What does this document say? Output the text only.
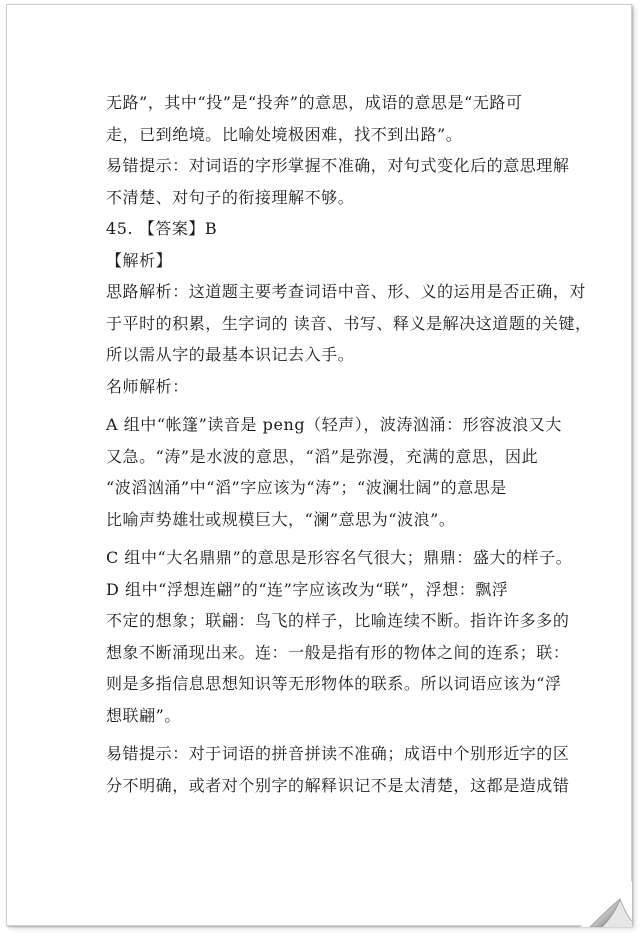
无路”，其中“投”是“投奔”的意思，成语的意思是“无路可
走，已到绝境。比喻处境极困难，找不到出路”。
易错提示：对词语的字形掌握不准确，对句式变化后的意思理解
不清楚、对句子的衔接理解不够。
45. 【答案】B
【解析】
思路解析：这道题主要考查词语中音、形、义的运用是否正确，对
于平时的积累，生字词的 读音、书写、释义是解决这道题的关键，
所以需从字的最基本识记去入手。
名师解析：
A 组中“帐篷”读音是 peng（轻声），波涛汹涌：形容波浪又大
又急。“涛”是水波的意思，“滔”是弥漫，充满的意思，因此
“波滔汹涌”中“滔”字应该为“涛”；“波澜壮阔”的意思是
比喻声势雄壮或规模巨大，“澜”意思为“波浪”。
C 组中“大名鼎鼎”的意思是形容名气很大；鼎鼎：盛大的样子。
D 组中“浮想连翩”的“连”字应该改为“联”，浮想：飘浮
不定的想象；联翩：鸟飞的样子，比喻连续不断。指许许多多的
想象不断涌现出来。连：一般是指有形的物体之间的连系；联：
则是多指信息思想知识等无形物体的联系。所以词语应该为“浮
想联翩”。
易错提示：对于词语的拼音拼读不准确；成语中个别形近字的区
分不明确，或者对个别字的解释识记不是太清楚，这都是造成错
